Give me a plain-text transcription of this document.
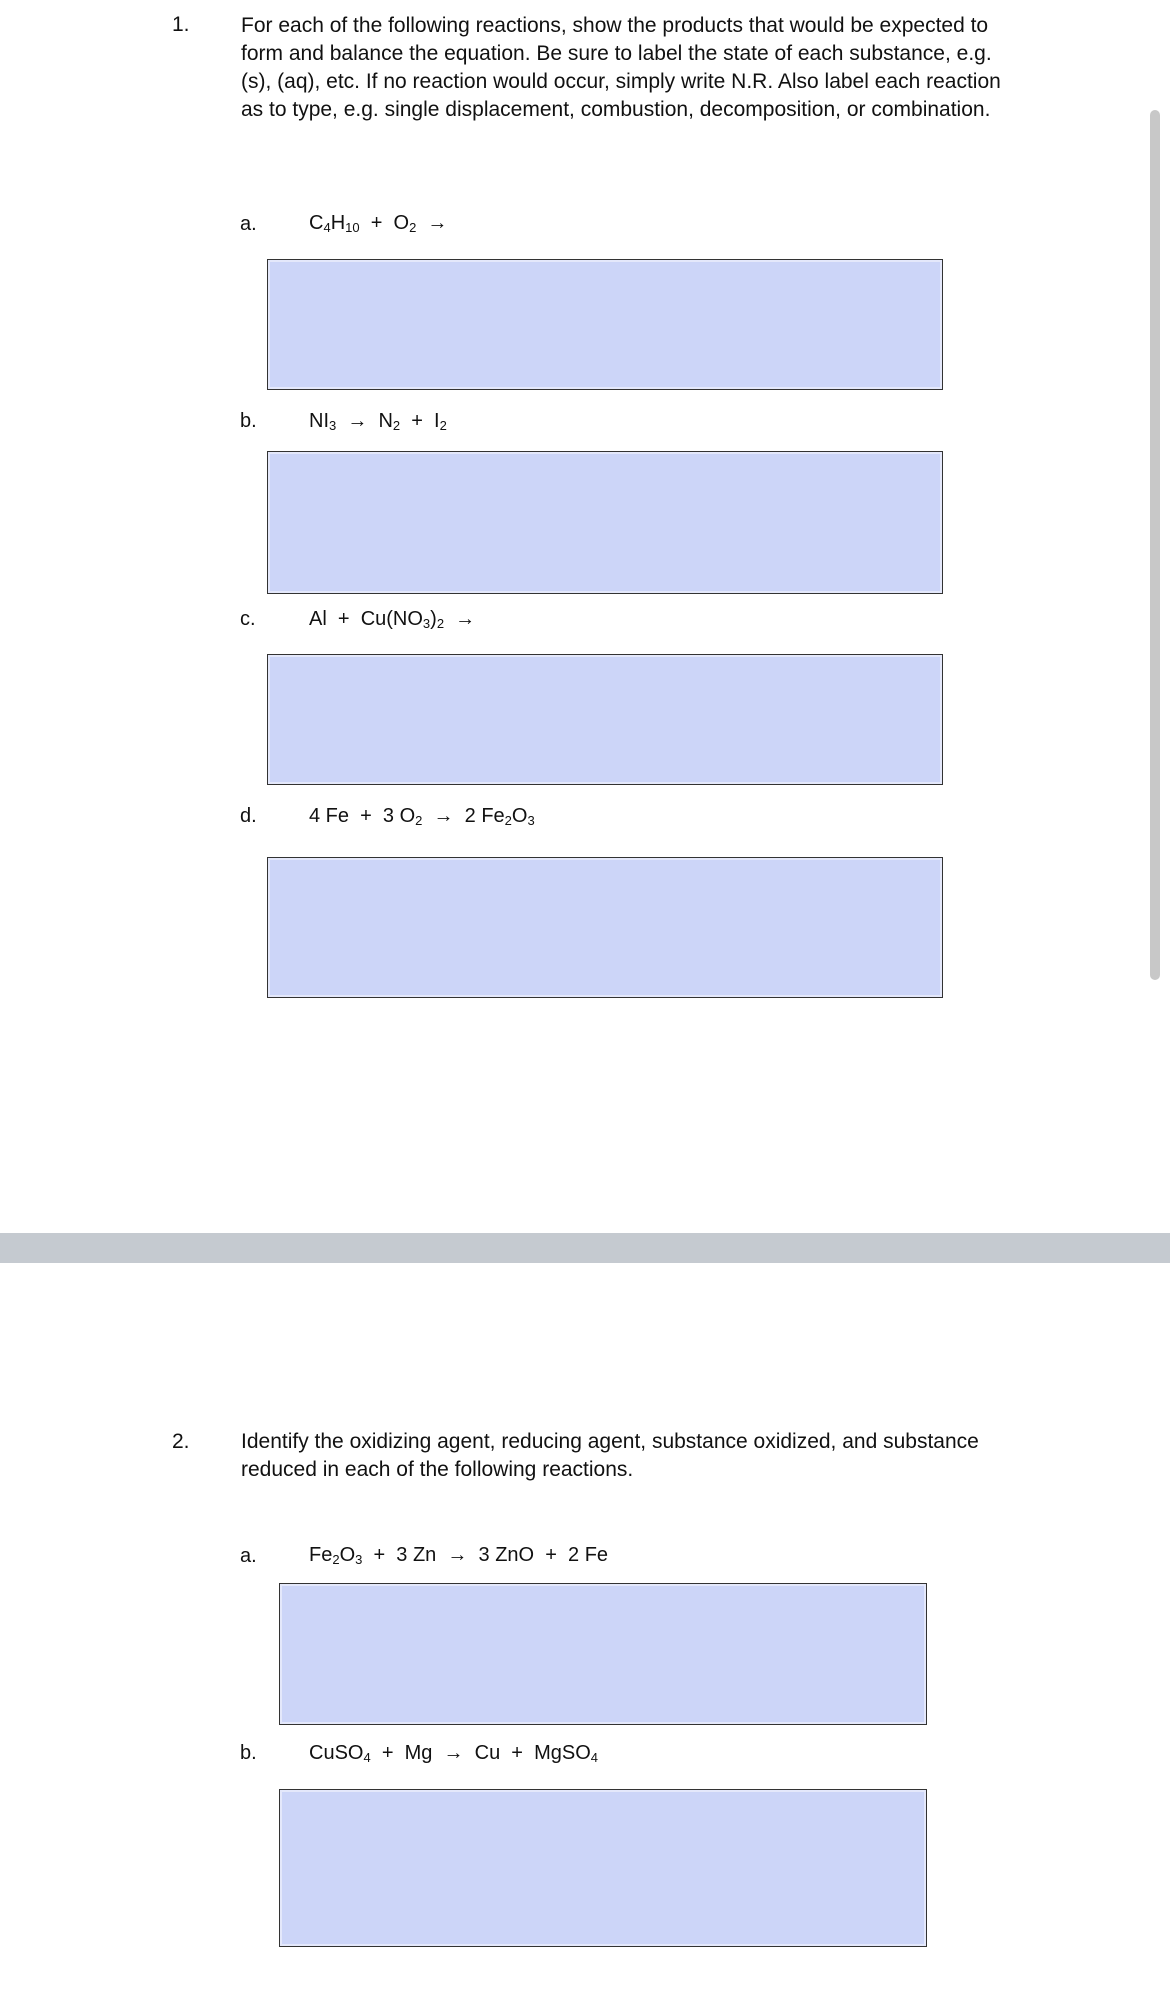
1. For each of the following reactions, show the products that would be expected to form and balance the equation. Be sure to label the state of each substance, e.g. (s), (aq), etc. If no reaction would occur, simply write N.R. Also label each reaction as to type, e.g. single displacement, combustion, decomposition, or combination.

a.	$C_4H_{10} + O_2$  →
b.	$NI_3 \to N_2 + I_2$
c.	$Al + Cu(NO_3)_2$  →
d.	4 Fe  +  3 $O_2 \to 2$ $Fe_2O_3$
2. Identify the oxidizing agent, reducing agent, substance oxidized, and substance reduced in each of the following reactions.

a.	$Fe_2O_3 + 3$ Zn  →  3 ZnO  +  2 Fe
b.	CuSO$_4$  +  Mg  →  Cu  +  MgSO$_4$
